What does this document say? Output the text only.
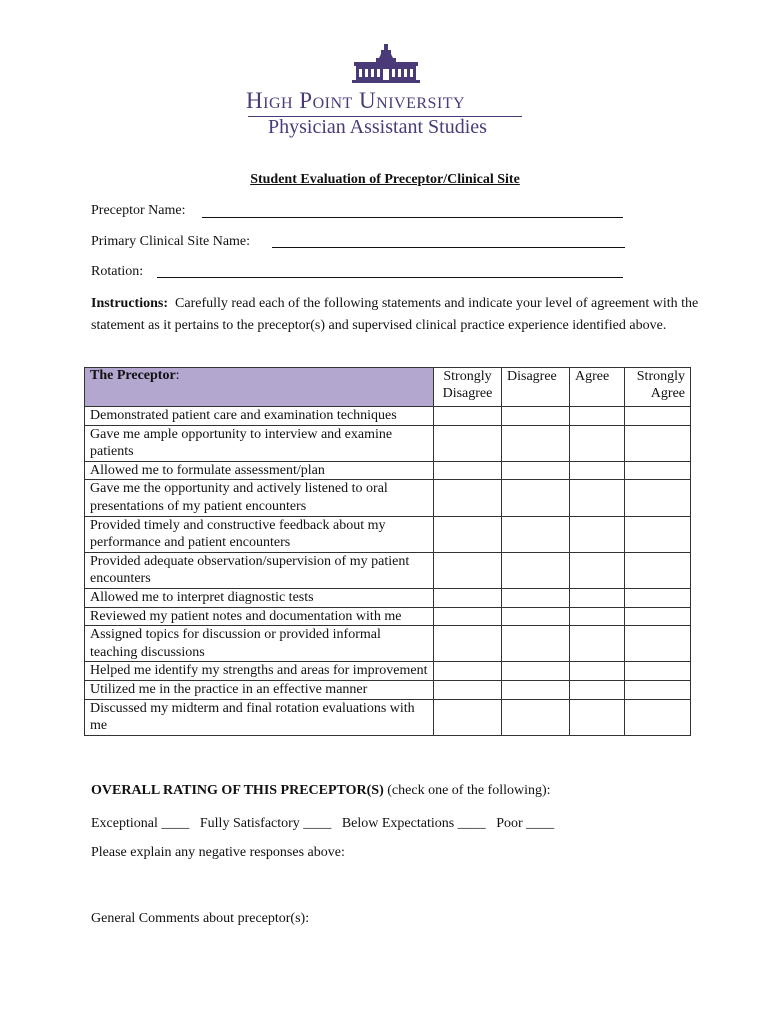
High Point University
Physician Assistant Studies
Student Evaluation of Preceptor/Clinical Site
Preceptor Name:
Primary Clinical Site Name:
Rotation:
Instructions: Carefully read each of the following statements and indicate your level of agreement with the statement as it pertains to the preceptor(s) and supervised clinical practice experience identified above.
The Preceptor:	Strongly Disagree	Disagree	Agree	Strongly Agree
Demonstrated patient care and examination techniques				
Gave me ample opportunity to interview and examine patients				
Allowed me to formulate assessment/plan				
Gave me the opportunity and actively listened to oral presentations of my patient encounters				
Provided timely and constructive feedback about my performance and patient encounters				
Provided adequate observation/supervision of my patient encounters				
Allowed me to interpret diagnostic tests				
Reviewed my patient notes and documentation with me				
Assigned topics for discussion or provided informal teaching discussions				
Helped me identify my strengths and areas for improvement				
Utilized me in the practice in an effective manner				
Discussed my midterm and final rotation evaluations with me				
OVERALL RATING OF THIS PRECEPTOR(S) (check one of the following):
Exceptional ____ Fully Satisfactory ____ Below Expectations ____ Poor ____
Please explain any negative responses above:
General Comments about preceptor(s):
